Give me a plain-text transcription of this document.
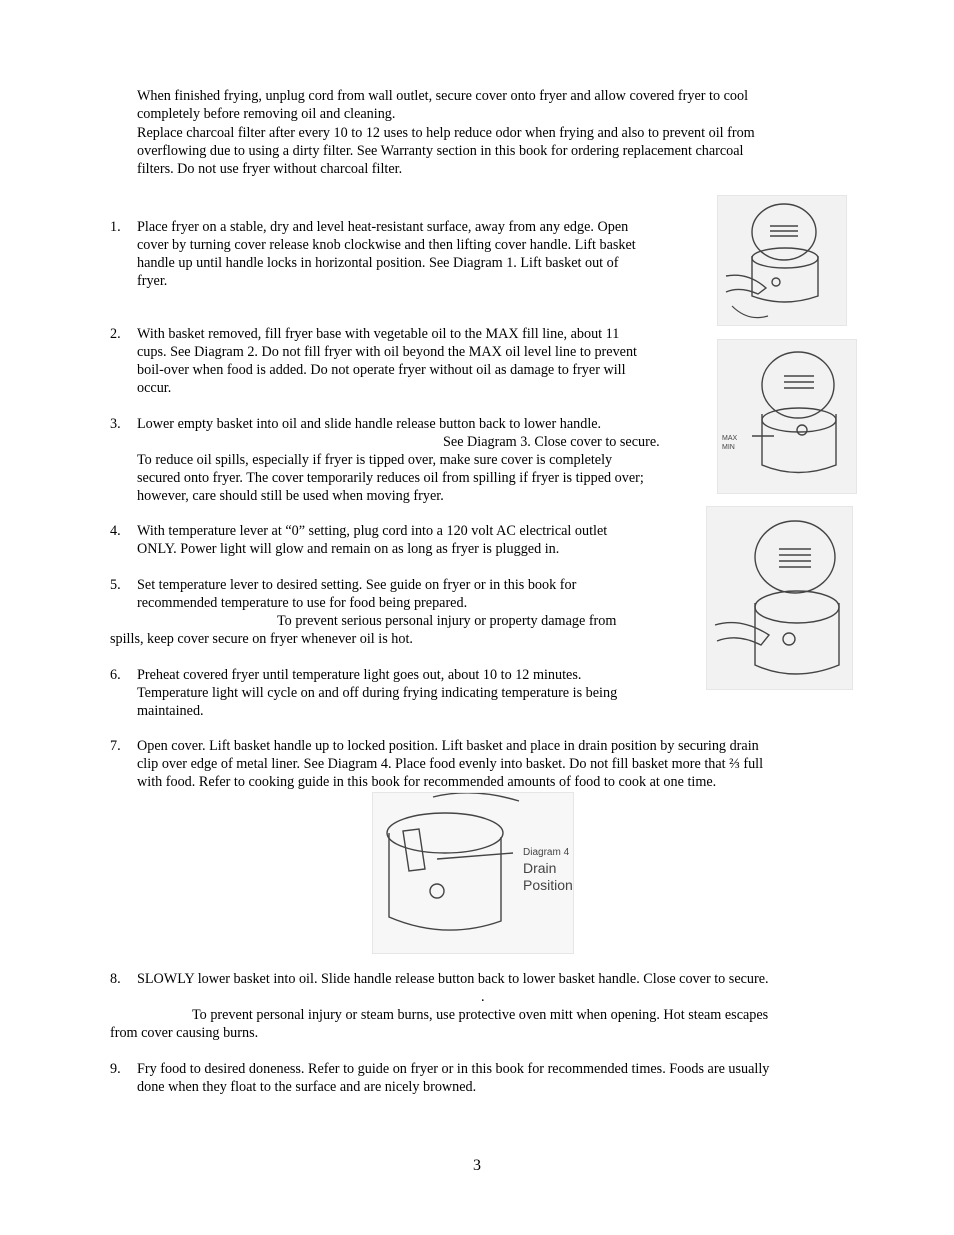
When finished frying, unplug cord from wall outlet, secure cover onto fryer and allow covered fryer to cool
completely before removing oil and cleaning.
Replace charcoal filter after every 10 to 12 uses to help reduce odor when frying and also to prevent oil from
overflowing due to using a dirty filter. See Warranty section in this book for ordering replacement charcoal
filters. Do not use fryer without charcoal filter.
1. Place fryer on a stable, dry and level heat-resistant surface, away from any edge. Open
cover by turning cover release knob clockwise and then lifting cover handle. Lift basket
handle up until handle locks in horizontal position. See Diagram 1. Lift basket out of
fryer.
2. With basket removed, fill fryer base with vegetable oil to the MAX fill line, about 11
cups. See Diagram 2. Do not fill fryer with oil beyond the MAX oil level line to prevent
boil-over when food is added. Do not operate fryer without oil as damage to fryer will
occur.
3. Lower empty basket into oil and slide handle release button back to lower handle.
See Diagram 3. Close cover to secure.
To reduce oil spills, especially if fryer is tipped over, make sure cover is completely
secured onto fryer. The cover temporarily reduces oil from spilling if fryer is tipped over;
however, care should still be used when moving fryer.
4. With temperature lever at “0” setting, plug cord into a 120 volt AC electrical outlet
ONLY. Power light will glow and remain on as long as fryer is plugged in.
5. Set temperature lever to desired setting. See guide on fryer or in this book for
recommended temperature to use for food being prepared.
To prevent serious personal injury or property damage from
spills, keep cover secure on fryer whenever oil is hot.
6. Preheat covered fryer until temperature light goes out, about 10 to 12 minutes.
Temperature light will cycle on and off during frying indicating temperature is being
maintained.
7. Open cover. Lift basket handle up to locked position. Lift basket and place in drain position by securing drain
clip over edge of metal liner. See Diagram 4. Place food evenly into basket. Do not fill basket more that ⅔ full
with food. Refer to cooking guide in this book for recommended amounts of food to cook at one time.
8. SLOWLY lower basket into oil. Slide handle release button back to lower basket handle. Close cover to secure.
.
To prevent personal injury or steam burns, use protective oven mitt when opening. Hot steam escapes
from cover causing burns.
9. Fry food to desired doneness. Refer to guide on fryer or in this book for recommended times. Foods are usually
done when they float to the surface and are nicely browned.
MAX
MIN
Diagram 4
Drain
Position
3
